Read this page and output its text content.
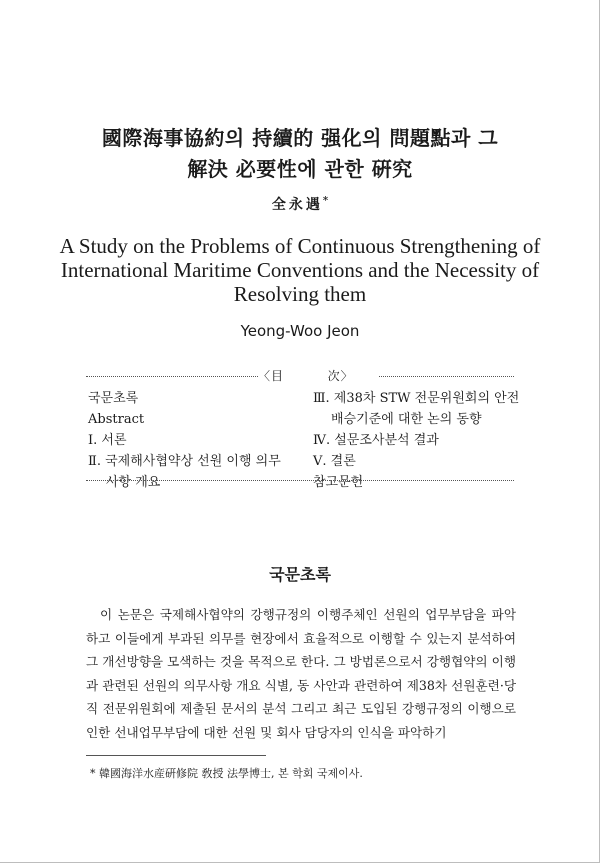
國際海事協約의 持續的 强化의 問題點과 그
解決 必要性에 관한 硏究
全永遇*
A Study on the Problems of Continuous Strengthening of
International Maritime Conventions and the Necessity of
Resolving them
Yeong-Woo Jeon
〈目	次〉
국문초록
Abstract
Ⅰ. 서론
Ⅱ. 국제해사협약상 선원 이행 의무
사항 개요
Ⅲ. 제38차 STW 전문위원회의 안전
배승기준에 대한 논의 동향
Ⅳ. 설문조사분석 결과
Ⅴ. 결론
참고문헌
국문초록

이 논문은 국제해사협약의 강행규정의 이행주체인 선원의 업무부담을 파악하고 이들에게 부과된 의무를 현장에서 효율적으로 이행할 수 있는지 분석하여 그 개선방향을 모색하는 것을 목적으로 한다. 그 방법론으로서 강행협약의 이행과 관련된 선원의 의무사항 개요 식별, 동 사안과 관련하여 제38차 선원훈련·당직 전문위원회에 제출된 문서의 분석 그리고 최근 도입된 강행규정의 이행으로 인한 선내업무부담에 대한 선원 및 회사 담당자의 인식을 파악하기

* 韓國海洋水産硏修院 敎授 法學博士, 본 학회 국제이사.
